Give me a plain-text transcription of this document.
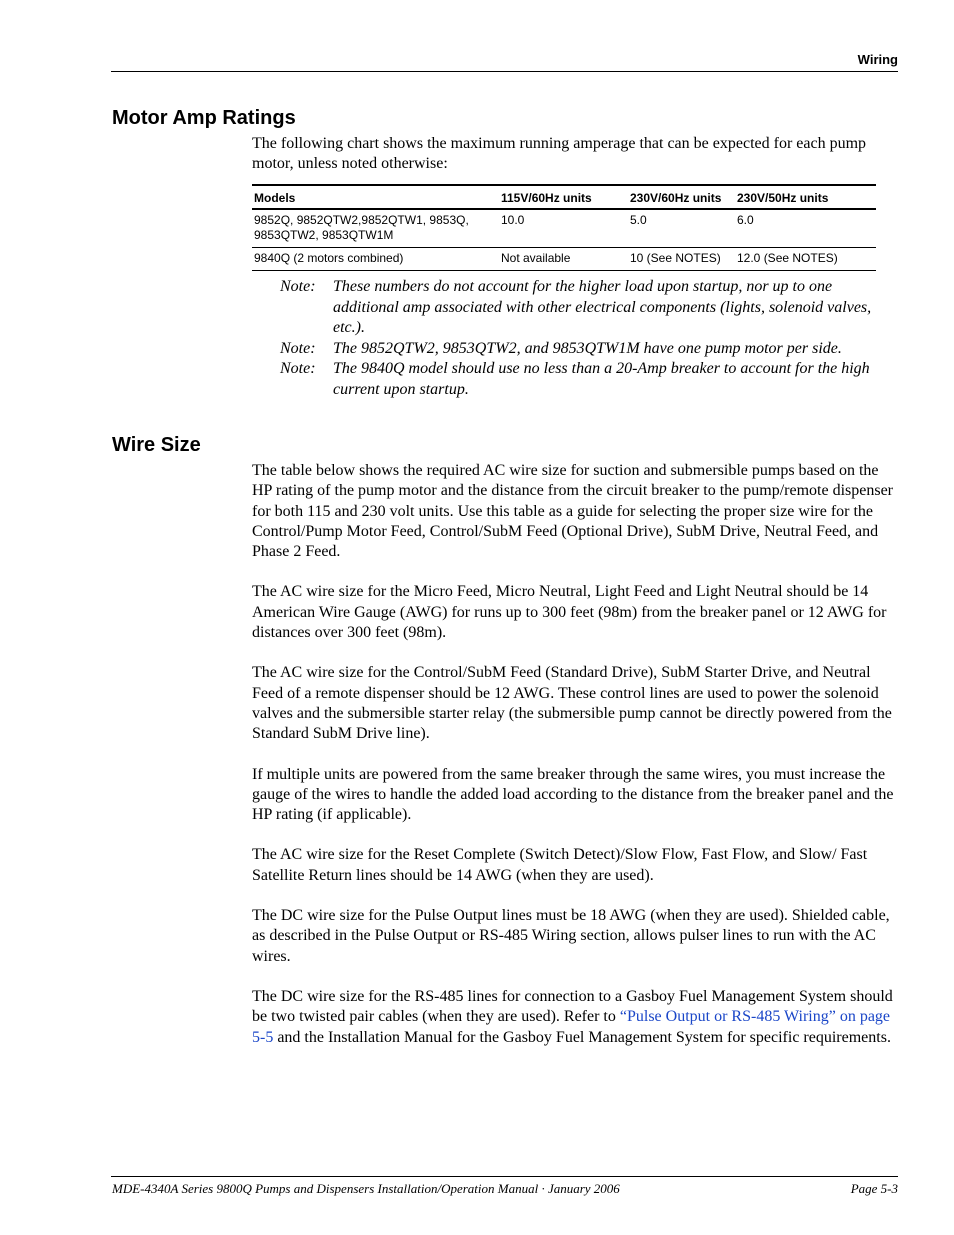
Wiring
Motor Amp Ratings

The following chart shows the maximum running amperage that can be expected for each pump motor, unless noted otherwise:

Models	115V/60Hz units	230V/60Hz units	230V/50Hz units
9852Q, 9852QTW2,9852QTW1, 9853Q, 9853QTW2, 9853QTW1M	10.0	5.0	6.0
9840Q (2 motors combined)	Not available	10 (See NOTES)	12.0 (See NOTES)
Note:	These numbers do not account for the higher load upon startup, nor up to one additional amp associated with other electrical components (lights, solenoid valves, etc.).
Note:	The 9852QTW2, 9853QTW2, and 9853QTW1M have one pump motor per side.
Note:	The 9840Q model should use no less than a 20-Amp breaker to account for the high current upon startup.
Wire Size

The table below shows the required AC wire size for suction and submersible pumps based on the HP rating of the pump motor and the distance from the circuit breaker to the pump/remote dispenser for both 115 and 230 volt units. Use this table as a guide for selecting the proper size wire for the Control/Pump Motor Feed, Control/SubM Feed (Optional Drive), SubM Drive, Neutral Feed, and Phase 2 Feed.

The AC wire size for the Micro Feed, Micro Neutral, Light Feed and Light Neutral should be 14 American Wire Gauge (AWG) for runs up to 300 feet (98m) from the breaker panel or 12 AWG for distances over 300 feet (98m).

The AC wire size for the Control/SubM Feed (Standard Drive), SubM Starter Drive, and Neutral Feed of a remote dispenser should be 12 AWG. These control lines are used to power the solenoid valves and the submersible starter relay (the submersible pump cannot be directly powered from the Standard SubM Drive line).

If multiple units are powered from the same breaker through the same wires, you must increase the gauge of the wires to handle the added load according to the distance from the breaker panel and the HP rating (if applicable).

The AC wire size for the Reset Complete (Switch Detect)/Slow Flow, Fast Flow, and Slow/ Fast Satellite Return lines should be 14 AWG (when they are used).

The DC wire size for the Pulse Output lines must be 18 AWG (when they are used). Shielded cable, as described in the Pulse Output or RS-485 Wiring section, allows pulser lines to run with the AC wires.

The DC wire size for the RS-485 lines for connection to a Gasboy Fuel Management System should be two twisted pair cables (when they are used). Refer to “Pulse Output or RS-485 Wiring” on page 5-5 and the Installation Manual for the Gasboy Fuel Management System for specific requirements.

MDE-4340A Series 9800Q Pumps and Dispensers Installation/Operation Manual · January 2006	Page 5-3
